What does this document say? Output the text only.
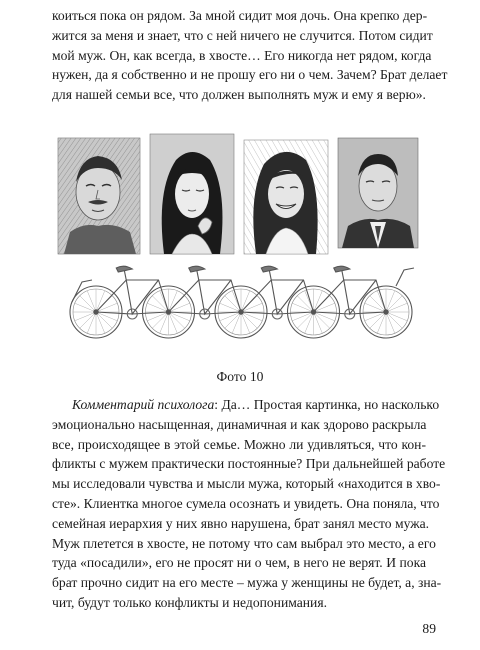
коиться пока он рядом. За мной сидит моя дочь. Она крепко дер-
жится за меня и знает, что с ней ничего не случится. Потом сидит
мой муж. Он, как всегда, в хвосте… Его никогда нет рядом, когда
нужен, да я собственно и не прошу его ни о чем. Зачем? Брат делает
для нашей семьи все, что должен выполнять муж и ему я верю».

Фото 10

Комментарий психолога: Да… Простая картинка, но насколько
эмоционально насыщенная, динамичная и как здорово раскрыла
все, происходящее в этой семье. Можно ли удивляться, что кон-
фликты с мужем практически постоянные? При дальнейшей работе
мы исследовали чувства и мысли мужа, который «находится в хво-
сте». Клиентка многое сумела осознать и увидеть. Она поняла, что
семейная иерархия у них явно нарушена, брат занял место мужа.
Муж плетется в хвосте, не потому что сам выбрал это место, а его
туда «посадили», его не просят ни о чем, в него не верят. И пока
брат прочно сидит на его месте – мужа у женщины не будет, а, зна-
чит, будут только конфликты и недопонимания.

89
